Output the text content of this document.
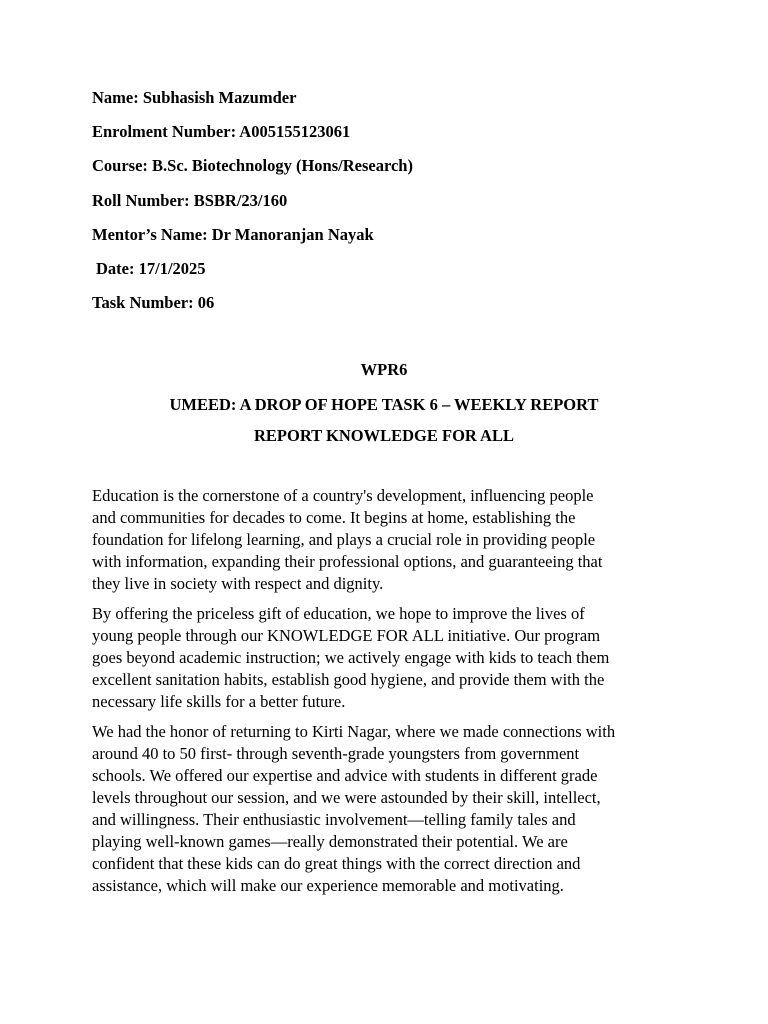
Name: Subhasish Mazumder
Enrolment Number: A005155123061
Course: B.Sc. Biotechnology (Hons/Research)
Roll Number: BSBR/23/160
Mentor’s Name: Dr Manoranjan Nayak
Date: 17/1/2025
Task Number: 06
WPR6
UMEED: A DROP OF HOPE TASK 6 – WEEKLY REPORT
REPORT KNOWLEDGE FOR ALL
Education is the cornerstone of a country's development, influencing people
and communities for decades to come. It begins at home, establishing the
foundation for lifelong learning, and plays a crucial role in providing people
with information, expanding their professional options, and guaranteeing that
they live in society with respect and dignity.
By offering the priceless gift of education, we hope to improve the lives of
young people through our KNOWLEDGE FOR ALL initiative. Our program
goes beyond academic instruction; we actively engage with kids to teach them
excellent sanitation habits, establish good hygiene, and provide them with the
necessary life skills for a better future.
We had the honor of returning to Kirti Nagar, where we made connections with
around 40 to 50 first- through seventh-grade youngsters from government
schools. We offered our expertise and advice with students in different grade
levels throughout our session, and we were astounded by their skill, intellect,
and willingness. Their enthusiastic involvement—telling family tales and
playing well-known games—really demonstrated their potential. We are
confident that these kids can do great things with the correct direction and
assistance, which will make our experience memorable and motivating.
